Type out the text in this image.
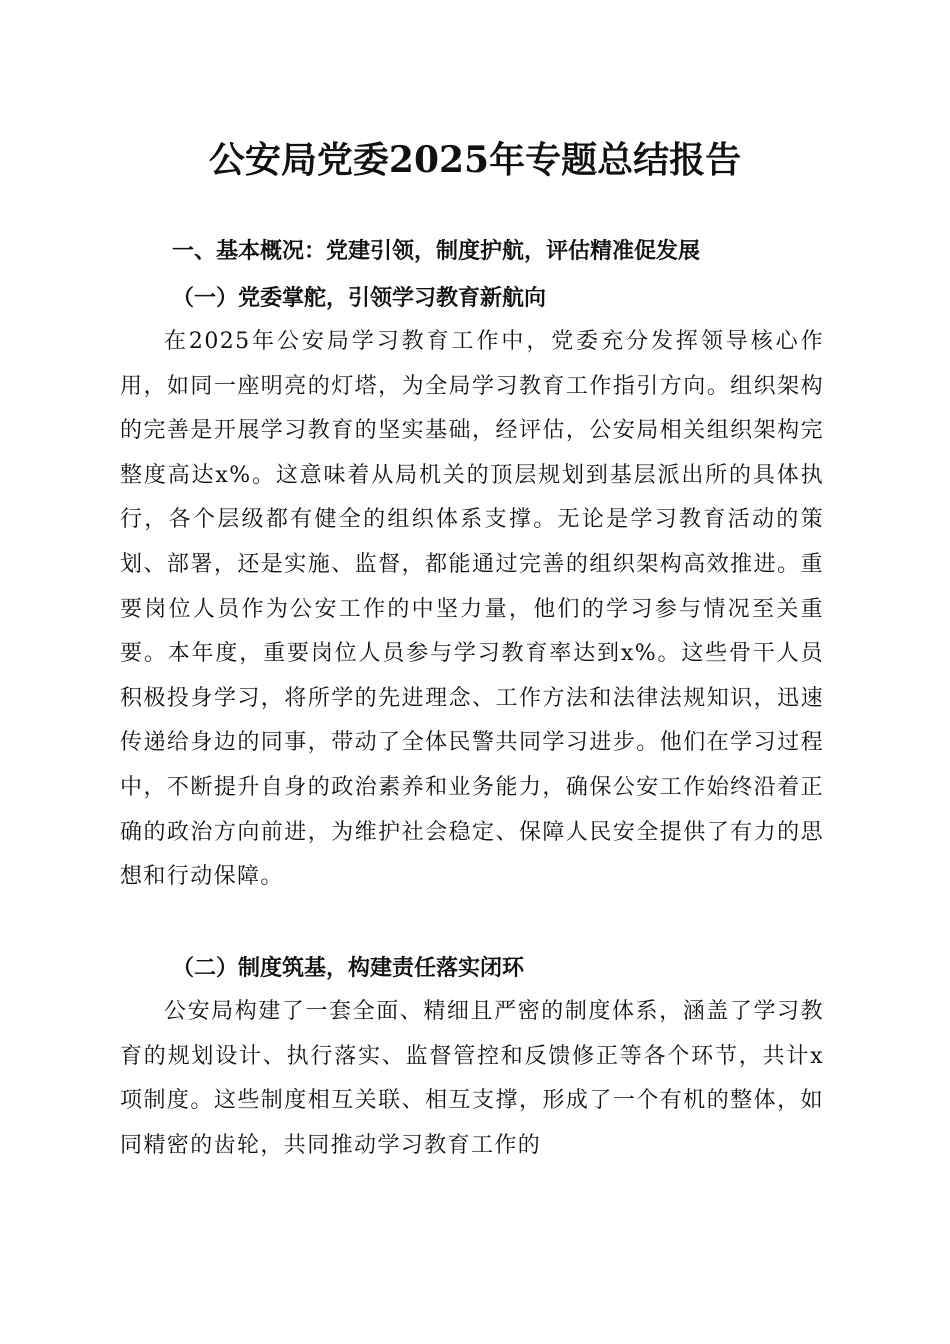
公安局党委2025年专题总结报告
一、基本概况：党建引领，制度护航，评估精准促发展
（一）党委掌舵，引领学习教育新航向

在2025年公安局学习教育工作中，党委充分发挥领导核心作用，如同一座明亮的灯塔，为全局学习教育工作指引方向。组织架构的完善是开展学习教育的坚实基础，经评估，公安局相关组织架构完整度高达x%。这意味着从局机关的顶层规划到基层派出所的具体执行，各个层级都有健全的组织体系支撑。无论是学习教育活动的策划、部署，还是实施、监督，都能通过完善的组织架构高效推进。重要岗位人员作为公安工作的中坚力量，他们的学习参与情况至关重要。本年度，重要岗位人员参与学习教育率达到x%。这些骨干人员积极投身学习，将所学的先进理念、工作方法和法律法规知识，迅速传递给身边的同事，带动了全体民警共同学习进步。他们在学习过程中，不断提升自身的政治素养和业务能力，确保公安工作始终沿着正确的政治方向前进，为维护社会稳定、保障人民安全提供了有力的思想和行动保障。

（二）制度筑基，构建责任落实闭环

公安局构建了一套全面、精细且严密的制度体系，涵盖了学习教育的规划设计、执行落实、监督管控和反馈修正等各个环节，共计x项制度。这些制度相互关联、相互支撑，形成了一个有机的整体，如同精密的齿轮，共同推动学习教育工作的
